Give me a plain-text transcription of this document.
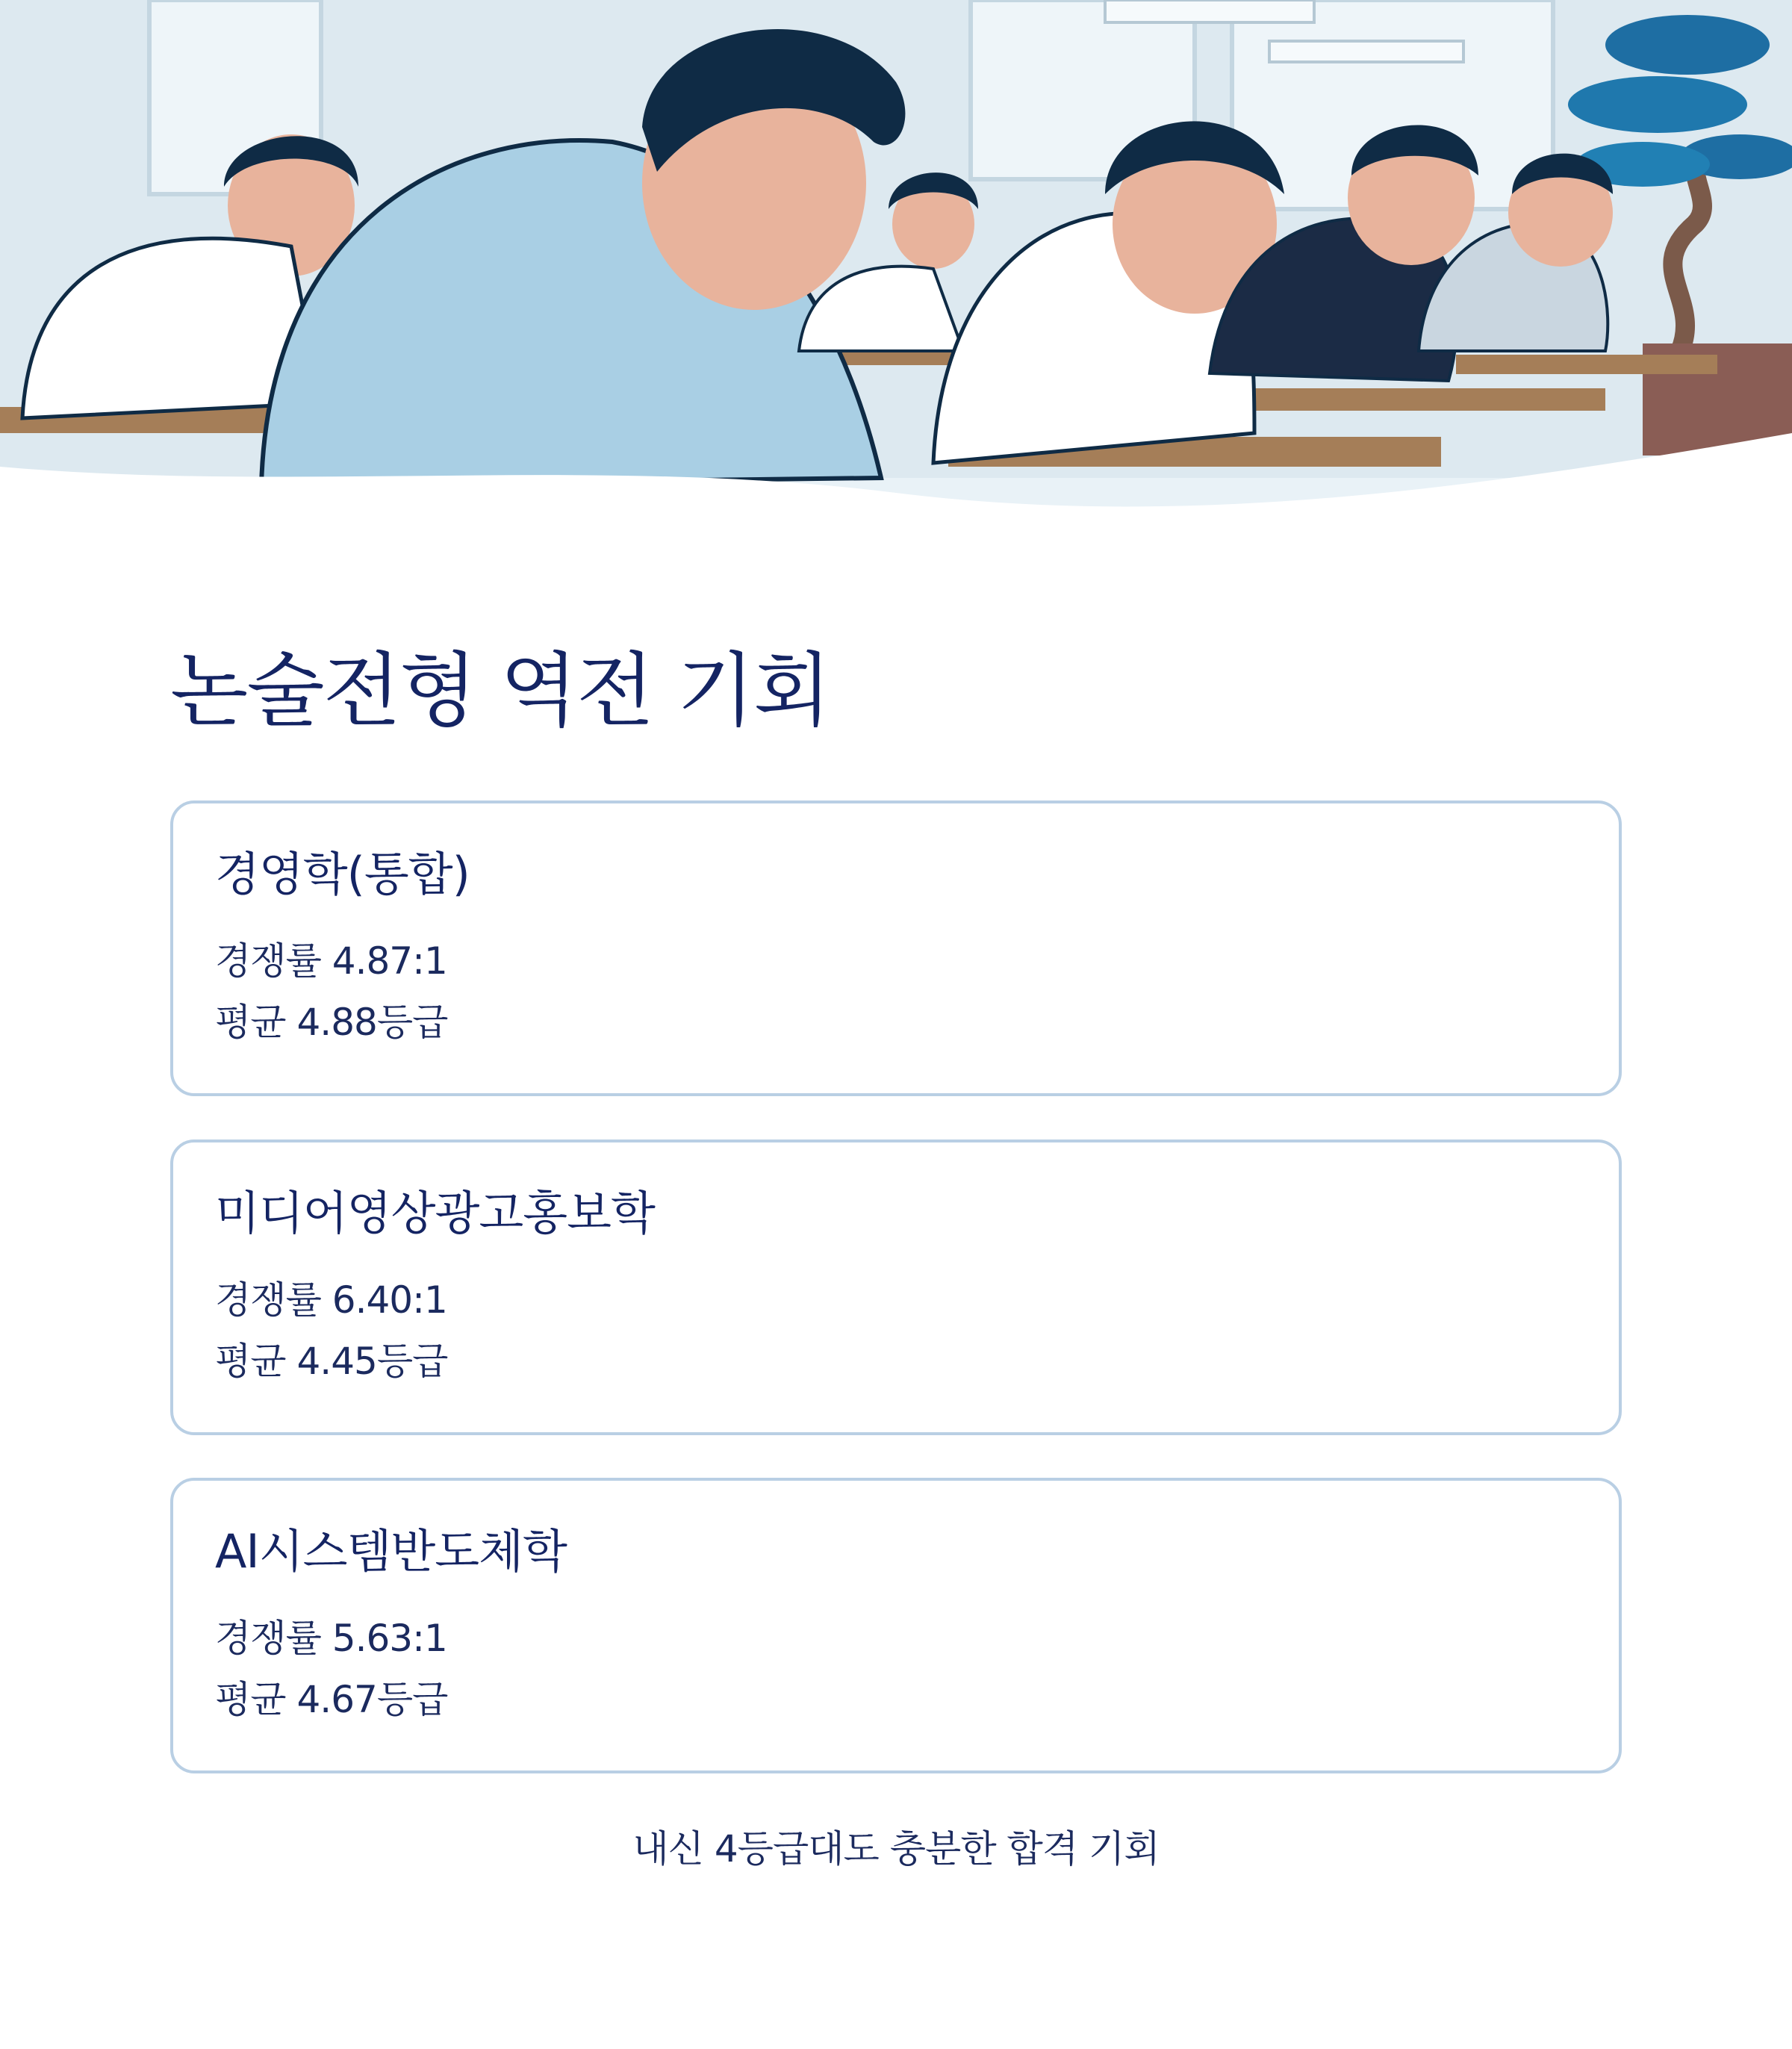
논술전형 역전 기회
경영학(통합)
경쟁률 4.87:1
평균 4.88등급
미디어영상광고홍보학
경쟁률 6.40:1
평균 4.45등급
AI시스템반도체학
경쟁률 5.63:1
평균 4.67등급
내신 4등급대도 충분한 합격 기회
